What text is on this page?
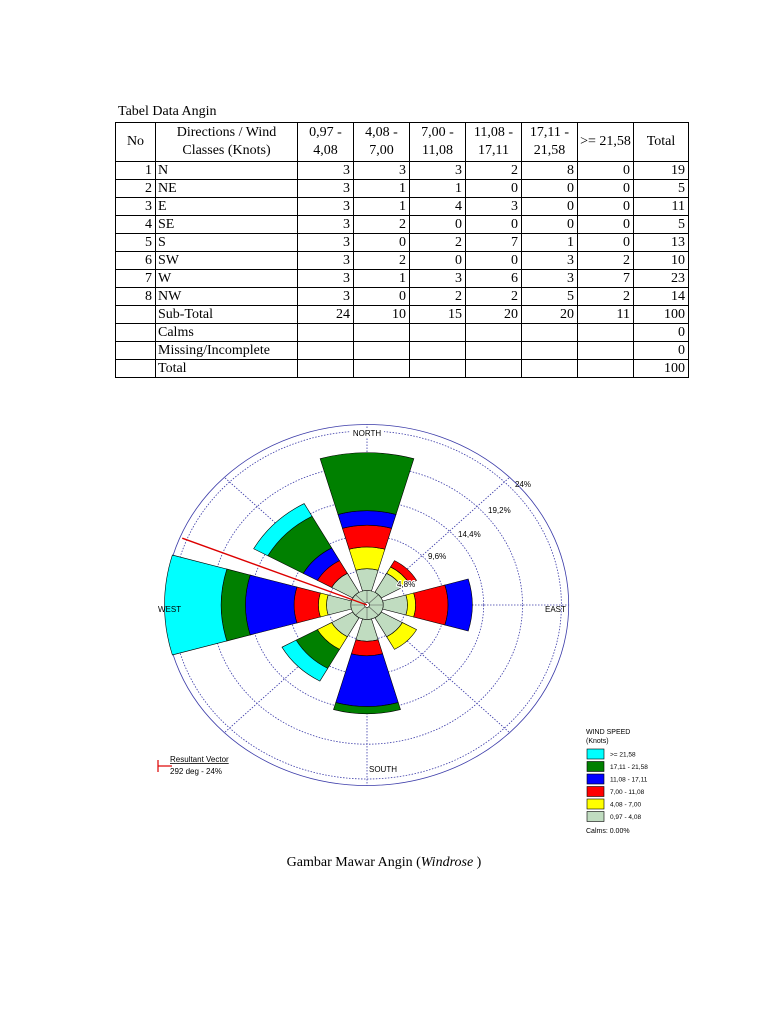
Tabel Data Angin
No	Directions / Wind Classes (Knots)	0,97 - 4,08	4,08 - 7,00	7,00 - 11,08	11,08 - 17,11	17,11 - 21,58	>= 21,58	Total
1	N	3	3	3	2	8	0	19
2	NE	3	1	1	0	0	0	5
3	E	3	1	4	3	0	0	11
4	SE	3	2	0	0	0	0	5
5	S	3	0	2	7	1	0	13
6	SW	3	2	0	0	3	2	10
7	W	3	1	3	6	3	7	23
8	NW	3	0	2	2	5	2	14
	Sub-Total	24	10	15	20	20	11	100
	Calms							0
	Missing/Incomplete							0
	Total							100
4,8%
9,6%
14,4%
19,2%
24%
NORTH
EAST
SOUTH
WEST
Resultant Vector
292 deg - 24%
WIND SPEED
(Knots)
>= 21,58
17,11 - 21,58
11,08 - 17,11
7,00 - 11,08
4,08 - 7,00
0,97 - 4,08
Calms: 0.00%
Gambar Mawar Angin (Windrose )
